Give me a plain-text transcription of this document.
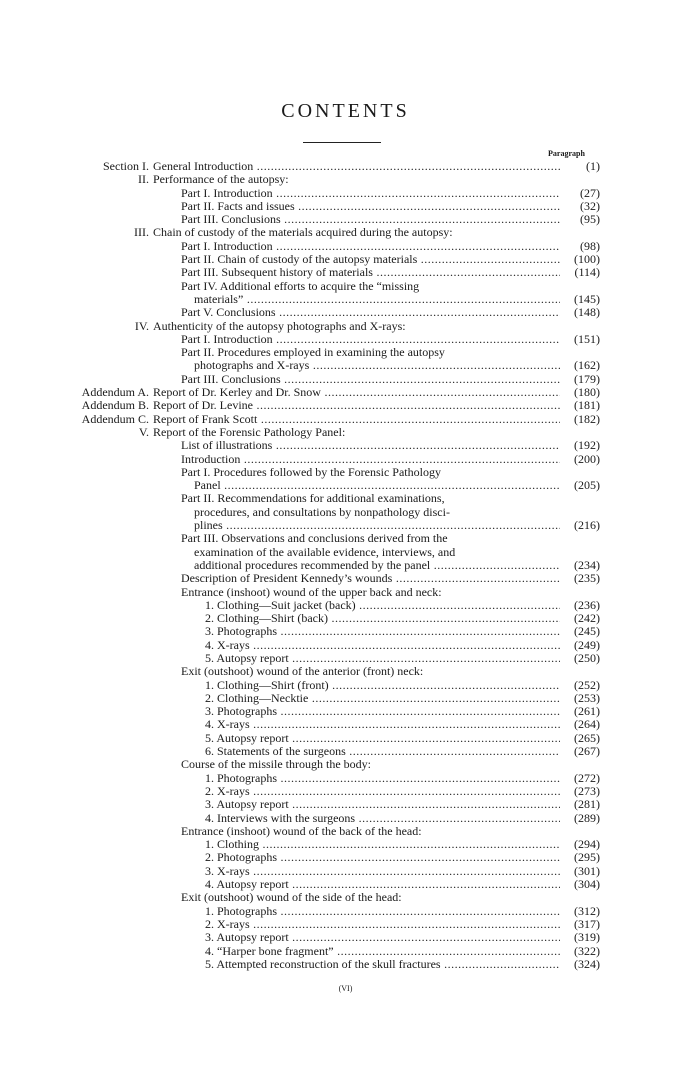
CONTENTS
Paragraph
Section I. General Introduction .....	(1)
II. Performance of the autopsy:
Part I. Introduction .....	(27)
Part II. Facts and issues .....	(32)
Part III. Conclusions .....	(95)
III. Chain of custody of the materials acquired during the autopsy:
Part I. Introduction .....	(98)
Part II. Chain of custody of the autopsy materials .....	(100)
Part III. Subsequent history of materials .....	(114)
Part IV. Additional efforts to acquire the “missing
materials” .....	(145)
Part V. Conclusions .....	(148)
IV. Authenticity of the autopsy photographs and X-rays:
Part I. Introduction .....	(151)
Part II. Procedures employed in examining the autopsy
photographs and X-rays .....	(162)
Part III. Conclusions .....	(179)
Addendum A. Report of Dr. Kerley and Dr. Snow .....	(180)
Addendum B. Report of Dr. Levine .....	(181)
Addendum C. Report of Frank Scott .....	(182)
V. Report of the Forensic Pathology Panel:
List of illustrations .....	(192)
Introduction .....	(200)
Part I. Procedures followed by the Forensic Pathology
Panel .....	(205)
Part II. Recommendations for additional examinations,
procedures, and consultations by nonpathology disci-
plines .....	(216)
Part III. Observations and conclusions derived from the
examination of the available evidence, interviews, and
additional procedures recommended by the panel .....	(234)
Description of President Kennedy’s wounds .....	(235)
Entrance (inshoot) wound of the upper back and neck:
1. Clothing—Suit jacket (back) .....	(236)
2. Clothing—Shirt (back) .....	(242)
3. Photographs .....	(245)
4. X-rays .....	(249)
5. Autopsy report .....	(250)
Exit (outshoot) wound of the anterior (front) neck:
1. Clothing—Shirt (front) .....	(252)
2. Clothing—Necktie .....	(253)
3. Photographs .....	(261)
4. X-rays .....	(264)
5. Autopsy report .....	(265)
6. Statements of the surgeons .....	(267)
Course of the missile through the body:
1. Photographs .....	(272)
2. X-rays .....	(273)
3. Autopsy report .....	(281)
4. Interviews with the surgeons .....	(289)
Entrance (inshoot) wound of the back of the head:
1. Clothing .....	(294)
2. Photographs .....	(295)
3. X-rays .....	(301)
4. Autopsy report .....	(304)
Exit (outshoot) wound of the side of the head:
1. Photographs .....	(312)
2. X-rays .....	(317)
3. Autopsy report .....	(319)
4. “Harper bone fragment” .....	(322)
5. Attempted reconstruction of the skull fractures .....	(324)
(VI)
